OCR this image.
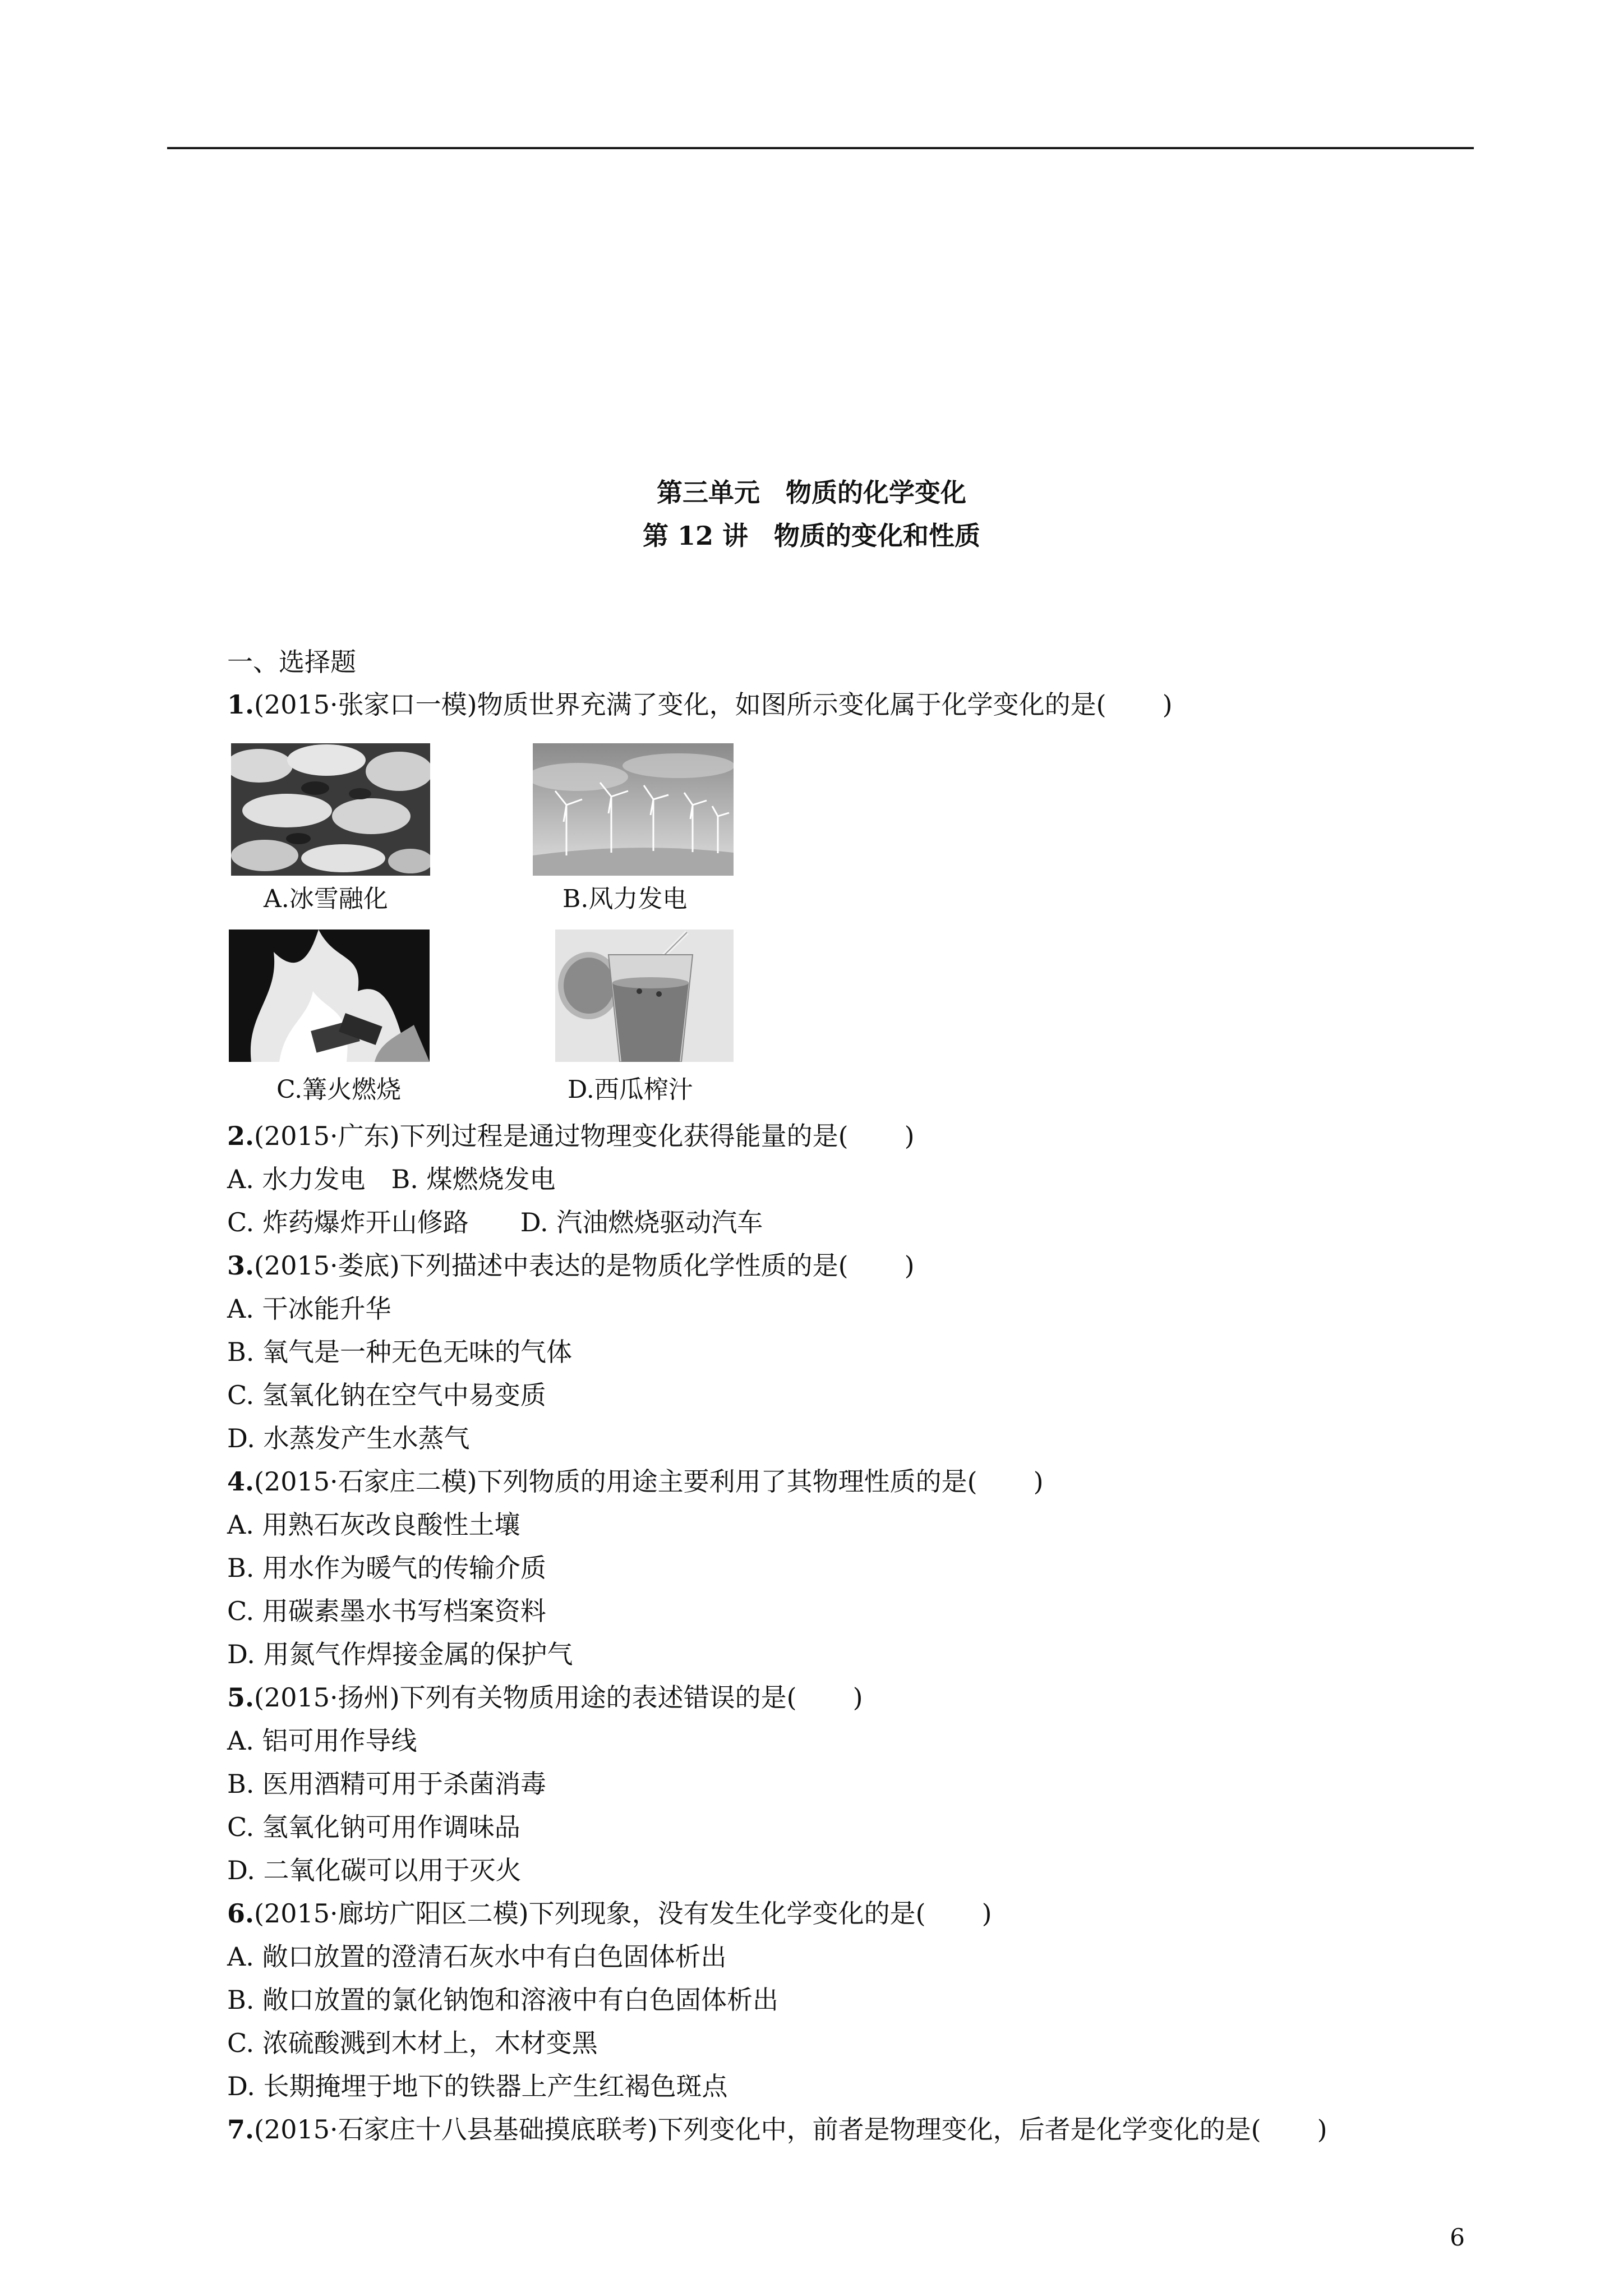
第三单元　物质的化学变化
第 12 讲　物质的变化和性质
一、选择题
1.(2015·张家口一模)物质世界充满了变化，如图所示变化属于化学变化的是( )
A.冰雪融化	B.风力发电
C.篝火燃烧	D.西瓜榨汁
2.(2015·广东)下列过程是通过物理变化获得能量的是( )
A. 水力发电　B. 煤燃烧发电
C. 炸药爆炸开山修路　　D. 汽油燃烧驱动汽车
3.(2015·娄底)下列描述中表达的是物质化学性质的是( )
A. 干冰能升华
B. 氧气是一种无色无味的气体
C. 氢氧化钠在空气中易变质
D. 水蒸发产生水蒸气
4.(2015·石家庄二模)下列物质的用途主要利用了其物理性质的是( )
A. 用熟石灰改良酸性土壤
B. 用水作为暖气的传输介质
C. 用碳素墨水书写档案资料
D. 用氮气作焊接金属的保护气
5.(2015·扬州)下列有关物质用途的表述错误的是( )
A. 铝可用作导线
B. 医用酒精可用于杀菌消毒
C. 氢氧化钠可用作调味品
D. 二氧化碳可以用于灭火
6.(2015·廊坊广阳区二模)下列现象，没有发生化学变化的是( )
A. 敞口放置的澄清石灰水中有白色固体析出
B. 敞口放置的氯化钠饱和溶液中有白色固体析出
C. 浓硫酸溅到木材上，木材变黑
D. 长期掩埋于地下的铁器上产生红褐色斑点
7.(2015·石家庄十八县基础摸底联考)下列变化中，前者是物理变化，后者是化学变化的是( )
6
